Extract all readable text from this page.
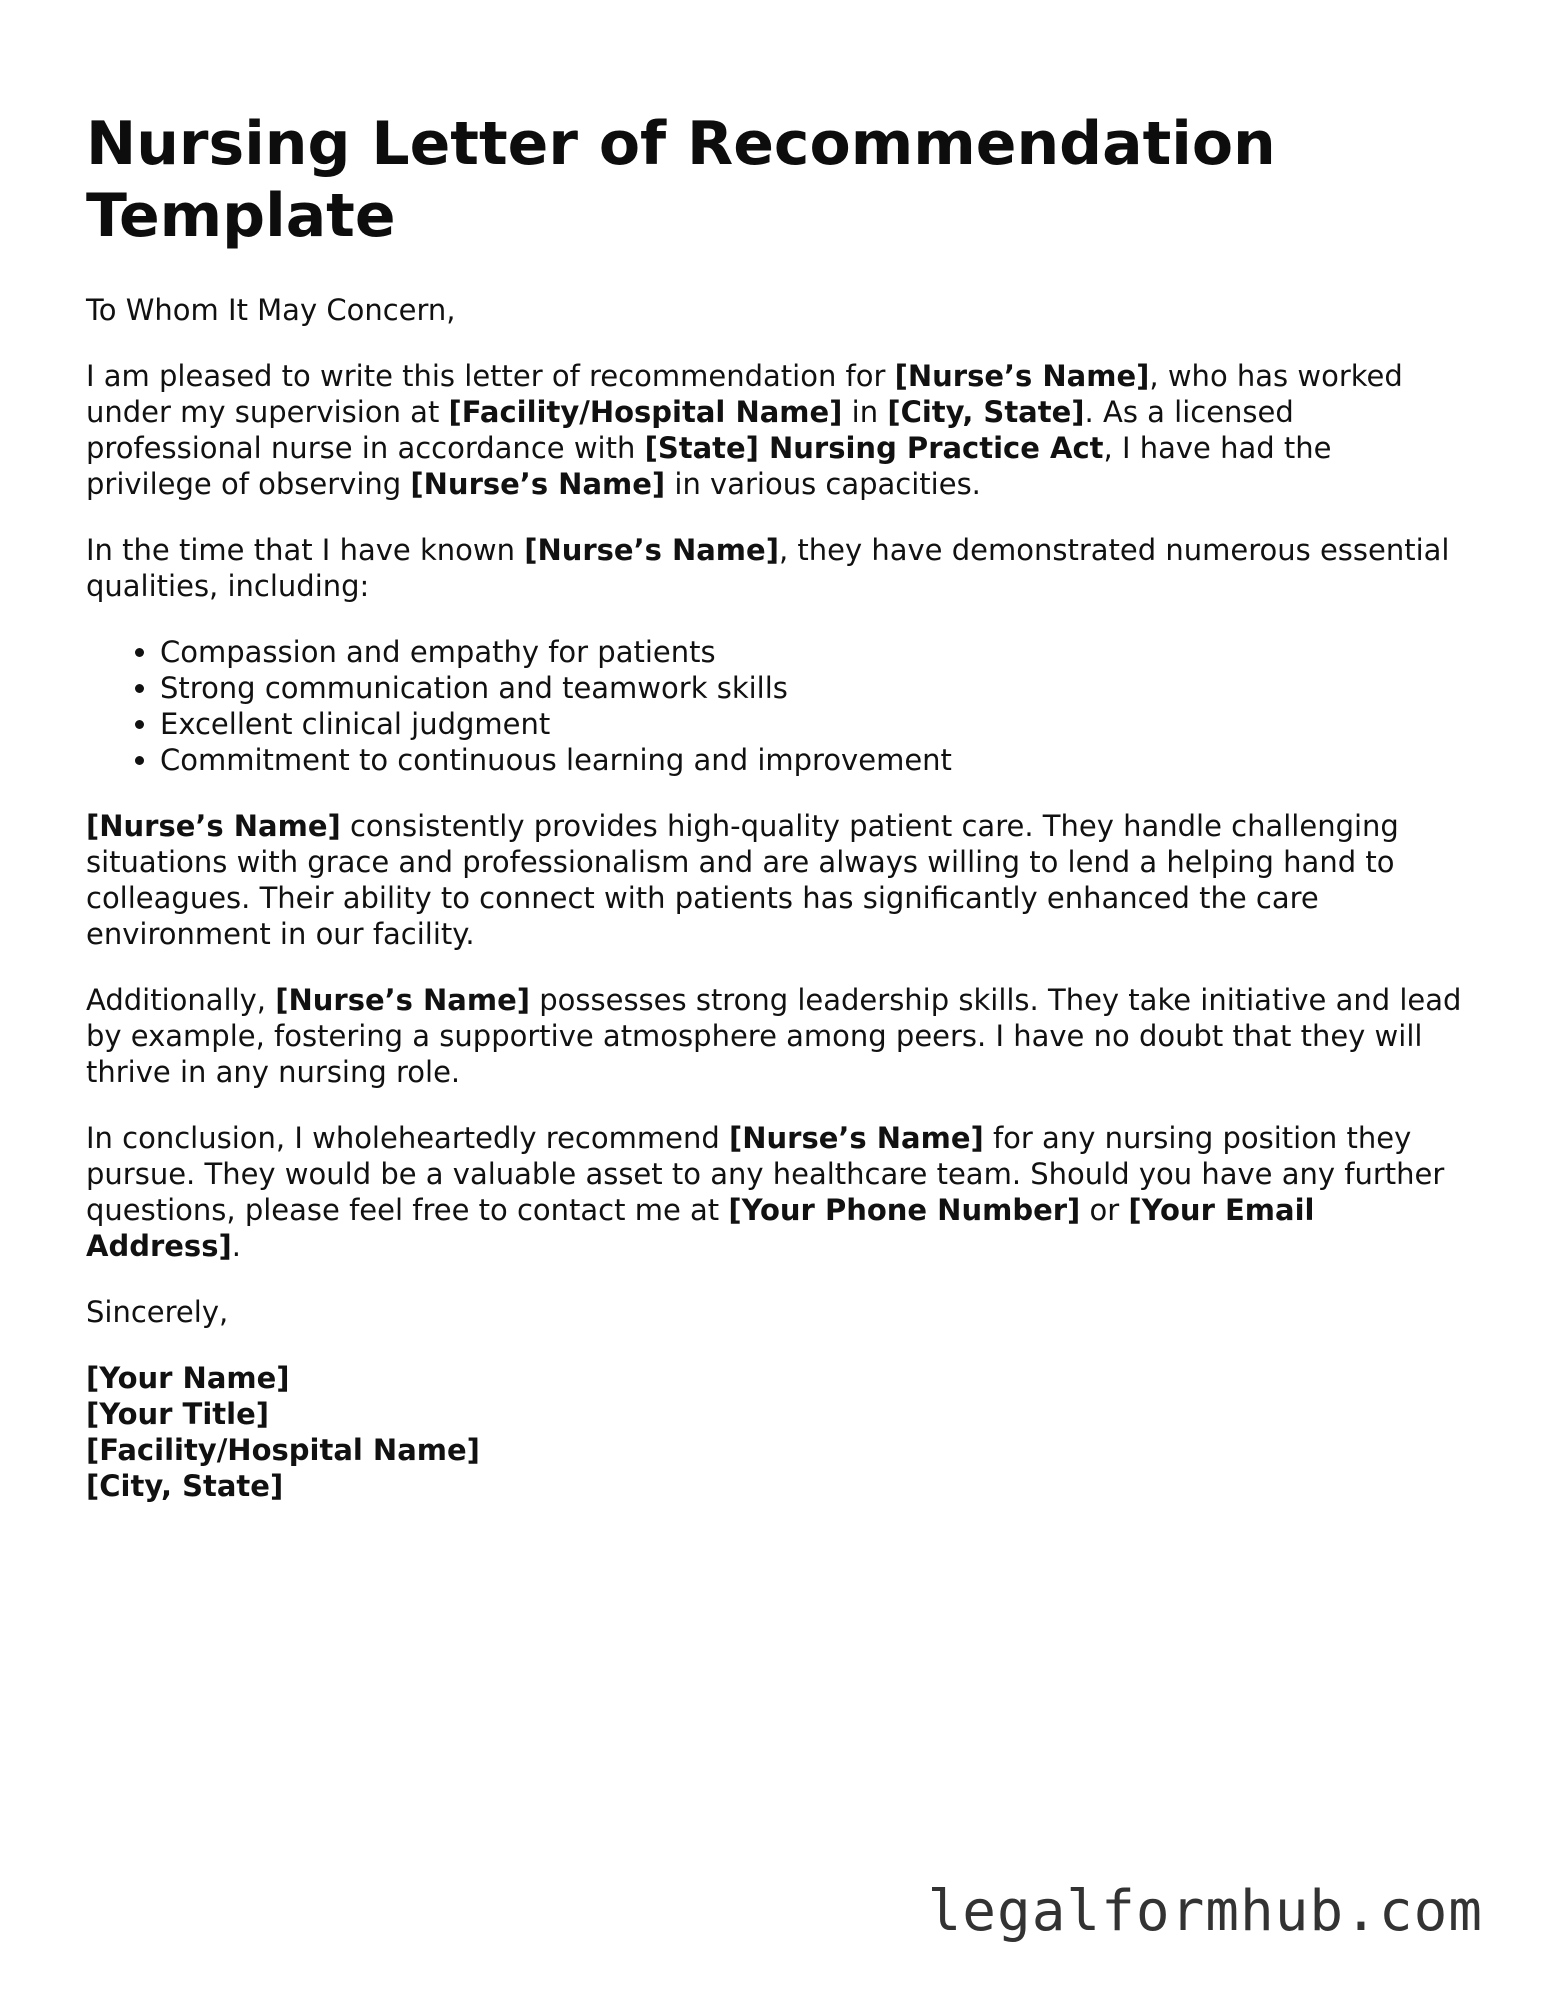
Nursing Letter of Recommendation Template

To Whom It May Concern,

I am pleased to write this letter of recommendation for [Nurse’s Name], who has worked under my supervision at [Facility/Hospital Name] in [City, State]. As a licensed professional nurse in accordance with [State] Nursing Practice Act, I have had the privilege of observing [Nurse’s Name] in various capacities.

In the time that I have known [Nurse’s Name], they have demonstrated numerous essential qualities, including:

• Compassion and empathy for patients
• Strong communication and teamwork skills
• Excellent clinical judgment
• Commitment to continuous learning and improvement

[Nurse’s Name] consistently provides high-quality patient care. They handle challenging situations with grace and professionalism and are always willing to lend a helping hand to colleagues. Their ability to connect with patients has significantly enhanced the care environment in our facility.

Additionally, [Nurse’s Name] possesses strong leadership skills. They take initiative and lead by example, fostering a supportive atmosphere among peers. I have no doubt that they will thrive in any nursing role.

In conclusion, I wholeheartedly recommend [Nurse’s Name] for any nursing position they pursue. They would be a valuable asset to any healthcare team. Should you have any further questions, please feel free to contact me at [Your Phone Number] or [Your Email Address].

Sincerely,

[Your Name]
[Your Title]
[Facility/Hospital Name]
[City, State]
legalformhub.com
